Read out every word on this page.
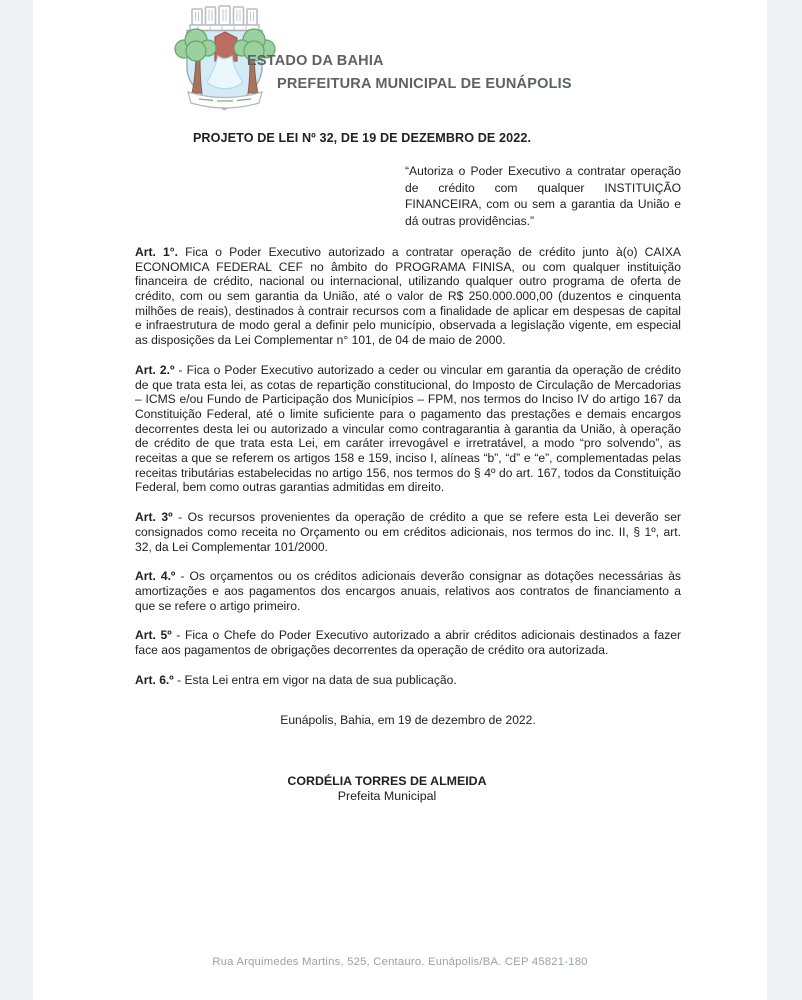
ESTADO DA BAHIA
PREFEITURA MUNICIPAL DE EUNÁPOLIS
PROJETO DE LEI Nº 32, DE 19 DE DEZEMBRO DE 2022.
“Autoriza o Poder Executivo a contratar operação de crédito com qualquer INSTITUIÇÃO FINANCEIRA, com ou sem a garantia da União e dá outras providências.”

Art. 1°. Fica o Poder Executivo autorizado a contratar operação de crédito junto à(o) CAIXA ECONOMICA FEDERAL CEF no âmbito do PROGRAMA FINISA, ou com qualquer instituição financeira de crédito, nacional ou internacional, utilizando qualquer outro programa de oferta de crédito, com ou sem garantia da União, até o valor de R$ 250.000.000,00 (duzentos e cinquenta milhões de reais), destinados à contrair recursos com a finalidade de aplicar em despesas de capital e infraestrutura de modo geral a definir pelo município, observada a legislação vigente, em especial as disposições da Lei Complementar n° 101, de 04 de maio de 2000.

Art. 2.º - Fica o Poder Executivo autorizado a ceder ou vincular em garantia da operação de crédito de que trata esta lei, as cotas de repartição constitucional, do Imposto de Circulação de Mercadorias – ICMS e/ou Fundo de Participação dos Municípios – FPM, nos termos do Inciso IV do artigo 167 da Constituição Federal, até o limite suficiente para o pagamento das prestações e demais encargos decorrentes desta lei ou autorizado a vincular como contragarantia à garantia da União, à operação de crédito de que trata esta Lei, em caráter irrevogável e irretratável, a modo “pro solvendo”, as receitas a que se referem os artigos 158 e 159, inciso I, alíneas “b”, “d” e “e”, complementadas pelas receitas tributárias estabelecidas no artigo 156, nos termos do § 4º do art. 167, todos da Constituição Federal, bem como outras garantias admitidas em direito.

Art. 3º - Os recursos provenientes da operação de crédito a que se refere esta Lei deverão ser consignados como receita no Orçamento ou em créditos adicionais, nos termos do inc. II, § 1º, art. 32, da Lei Complementar 101/2000.

Art. 4.º - Os orçamentos ou os créditos adicionais deverão consignar as dotações necessárias às amortizações e aos pagamentos dos encargos anuais, relativos aos contratos de financiamento a que se refere o artigo primeiro.

Art. 5º - Fica o Chefe do Poder Executivo autorizado a abrir créditos adicionais destinados a fazer face aos pagamentos de obrigações decorrentes da operação de crédito ora autorizada.

Art. 6.º - Esta Lei entra em vigor na data de sua publicação.

Eunápolis, Bahia, em 19 de dezembro de 2022.
CORDÉLIA TORRES DE ALMEIDA
Prefeita Municipal
Rua Arquimedes Martins, 525, Centauro. Eunápolis/BA. CEP 45821-180
